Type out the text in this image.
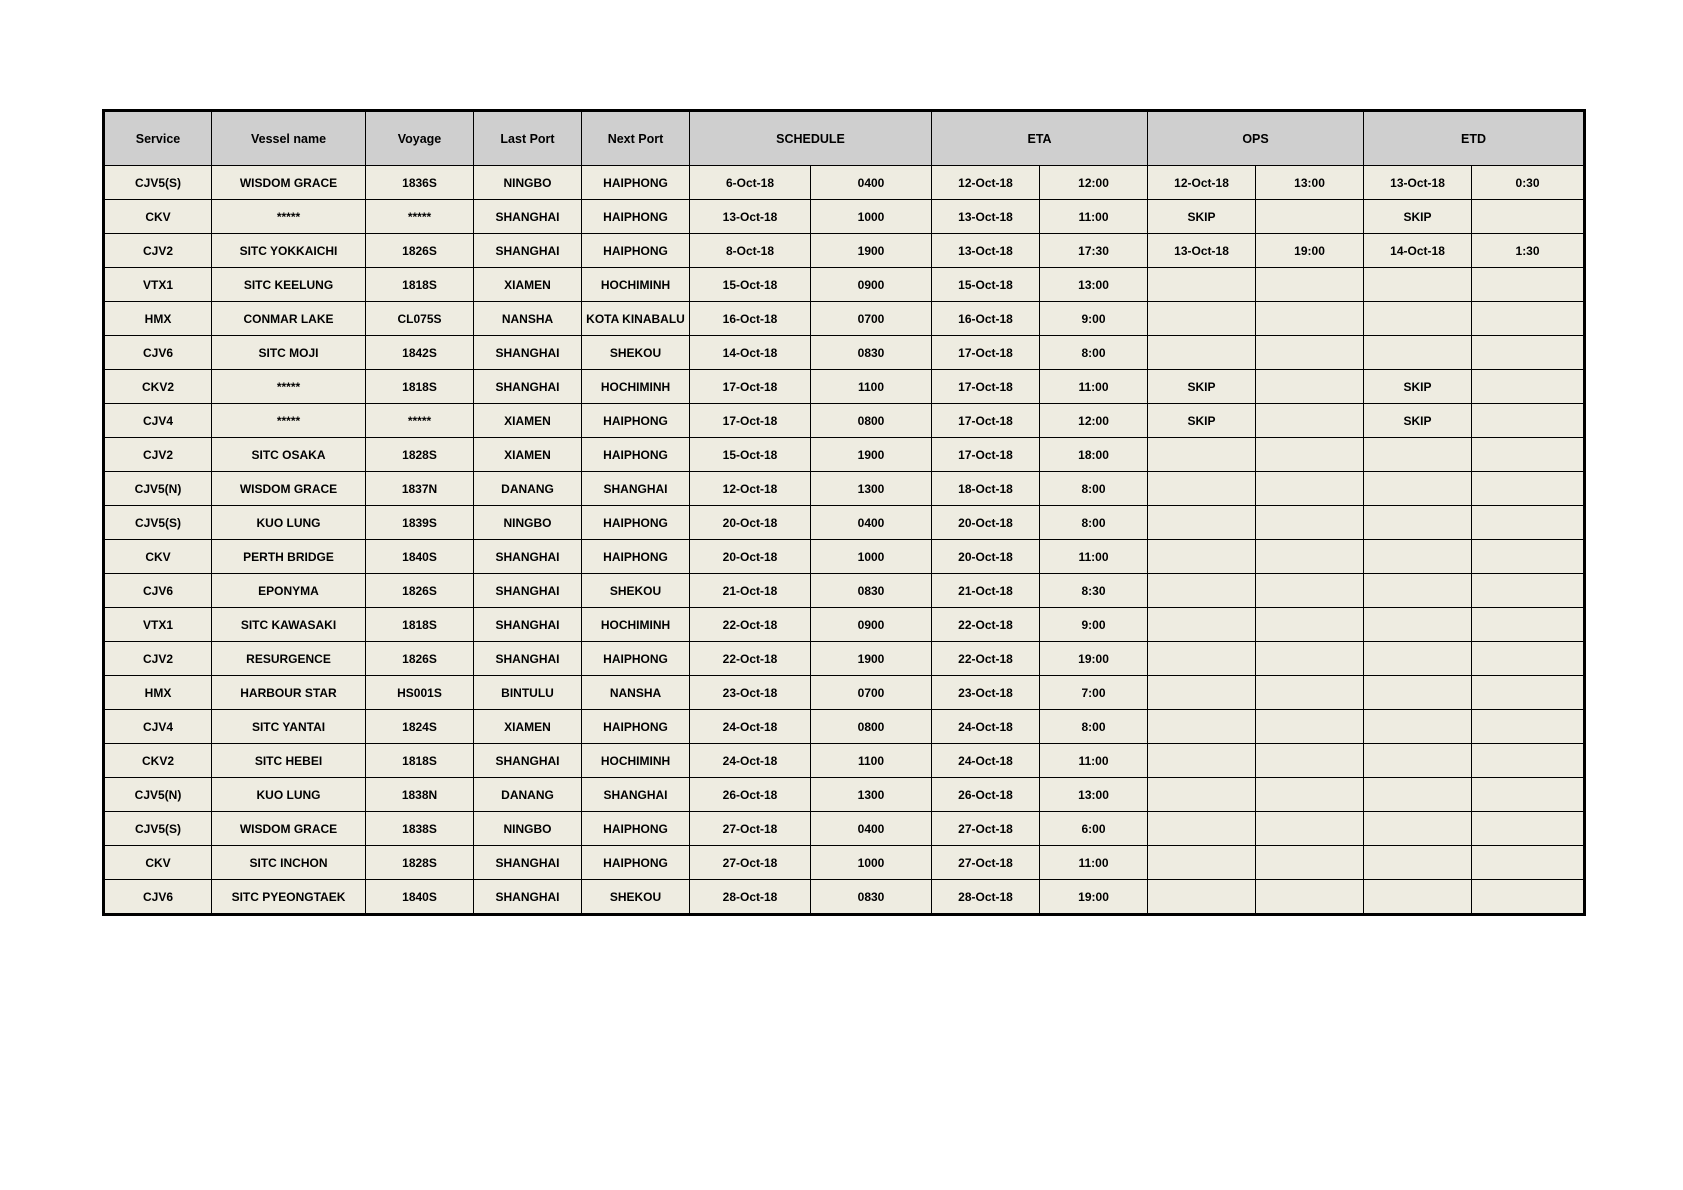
Service	Vessel name	Voyage	Last Port	Next Port	SCHEDULE		ETA		OPS		ETD	
CJV5(S)	WISDOM GRACE	1836S	NINGBO	HAIPHONG	6-Oct-18	0400	12-Oct-18	12:00	12-Oct-18	13:00	13-Oct-18	0:30
CKV	*****	*****	SHANGHAI	HAIPHONG	13-Oct-18	1000	13-Oct-18	11:00	SKIP		SKIP	
CJV2	SITC YOKKAICHI	1826S	SHANGHAI	HAIPHONG	8-Oct-18	1900	13-Oct-18	17:30	13-Oct-18	19:00	14-Oct-18	1:30
VTX1	SITC KEELUNG	1818S	XIAMEN	HOCHIMINH	15-Oct-18	0900	15-Oct-18	13:00				
HMX	CONMAR LAKE	CL075S	NANSHA	KOTA KINABALU	16-Oct-18	0700	16-Oct-18	9:00				
CJV6	SITC MOJI	1842S	SHANGHAI	SHEKOU	14-Oct-18	0830	17-Oct-18	8:00				
CKV2	*****	1818S	SHANGHAI	HOCHIMINH	17-Oct-18	1100	17-Oct-18	11:00	SKIP		SKIP	
CJV4	*****	*****	XIAMEN	HAIPHONG	17-Oct-18	0800	17-Oct-18	12:00	SKIP		SKIP	
CJV2	SITC OSAKA	1828S	XIAMEN	HAIPHONG	15-Oct-18	1900	17-Oct-18	18:00				
CJV5(N)	WISDOM GRACE	1837N	DANANG	SHANGHAI	12-Oct-18	1300	18-Oct-18	8:00				
CJV5(S)	KUO LUNG	1839S	NINGBO	HAIPHONG	20-Oct-18	0400	20-Oct-18	8:00				
CKV	PERTH BRIDGE	1840S	SHANGHAI	HAIPHONG	20-Oct-18	1000	20-Oct-18	11:00				
CJV6	EPONYMA	1826S	SHANGHAI	SHEKOU	21-Oct-18	0830	21-Oct-18	8:30				
VTX1	SITC KAWASAKI	1818S	SHANGHAI	HOCHIMINH	22-Oct-18	0900	22-Oct-18	9:00				
CJV2	RESURGENCE	1826S	SHANGHAI	HAIPHONG	22-Oct-18	1900	22-Oct-18	19:00				
HMX	HARBOUR STAR	HS001S	BINTULU	NANSHA	23-Oct-18	0700	23-Oct-18	7:00				
CJV4	SITC YANTAI	1824S	XIAMEN	HAIPHONG	24-Oct-18	0800	24-Oct-18	8:00				
CKV2	SITC HEBEI	1818S	SHANGHAI	HOCHIMINH	24-Oct-18	1100	24-Oct-18	11:00				
CJV5(N)	KUO LUNG	1838N	DANANG	SHANGHAI	26-Oct-18	1300	26-Oct-18	13:00				
CJV5(S)	WISDOM GRACE	1838S	NINGBO	HAIPHONG	27-Oct-18	0400	27-Oct-18	6:00				
CKV	SITC INCHON	1828S	SHANGHAI	HAIPHONG	27-Oct-18	1000	27-Oct-18	11:00				
CJV6	SITC PYEONGTAEK	1840S	SHANGHAI	SHEKOU	28-Oct-18	0830	28-Oct-18	19:00				
